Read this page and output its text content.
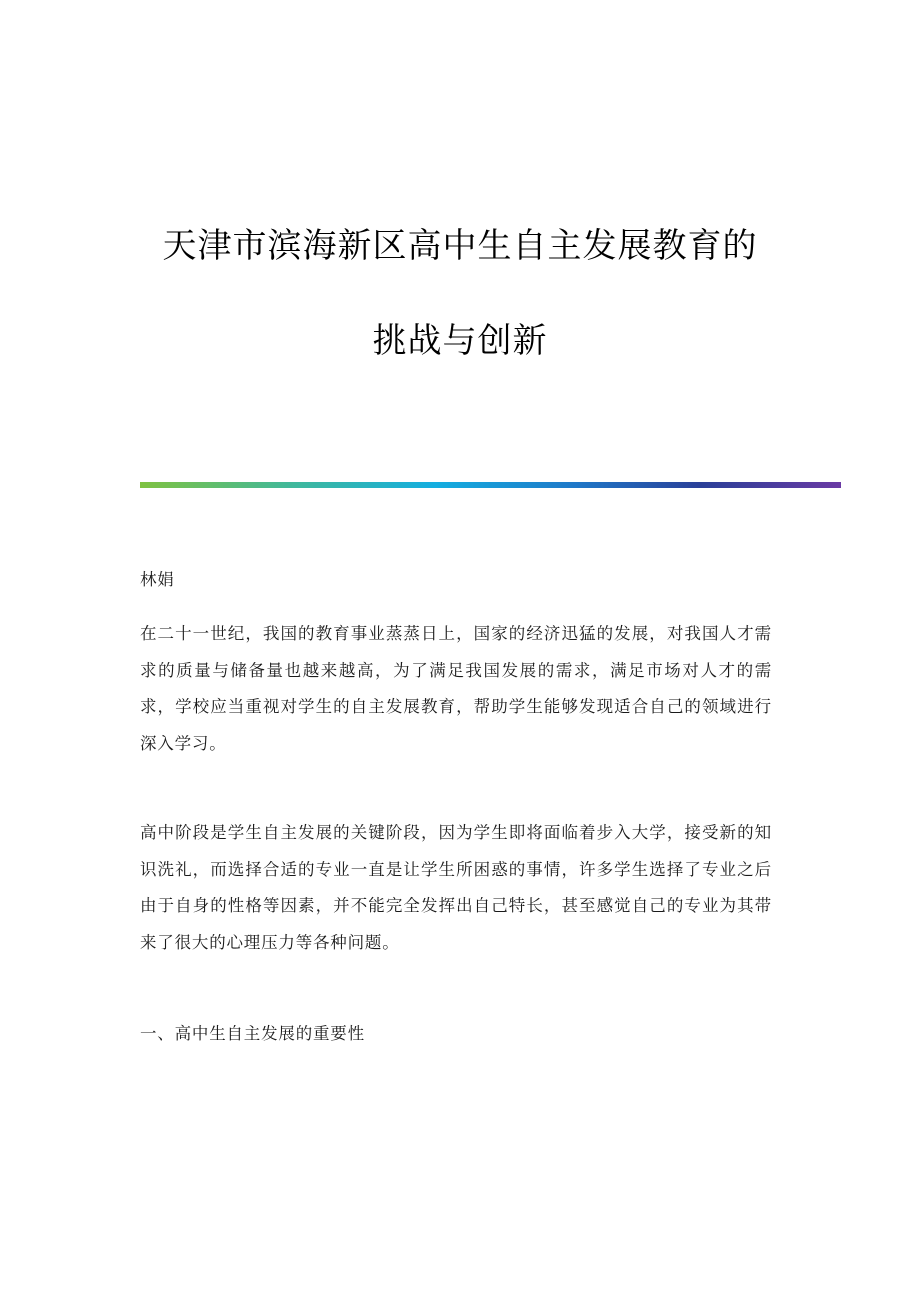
天津市滨海新区高中生自主发展教育的
挑战与创新
林娟
在二十一世纪，我国的教育事业蒸蒸日上，国家的经济迅猛的发展，对我国人才需求的质量与储备量也越来越高，为了满足我国发展的需求，满足市场对人才的需求，学校应当重视对学生的自主发展教育，帮助学生能够发现适合自己的领域进行深入学习。
高中阶段是学生自主发展的关键阶段，因为学生即将面临着步入大学，接受新的知识洗礼，而选择合适的专业一直是让学生所困惑的事情，许多学生选择了专业之后由于自身的性格等因素，并不能完全发挥出自己特长，甚至感觉自己的专业为其带来了很大的心理压力等各种问题。
一、高中生自主发展的重要性
